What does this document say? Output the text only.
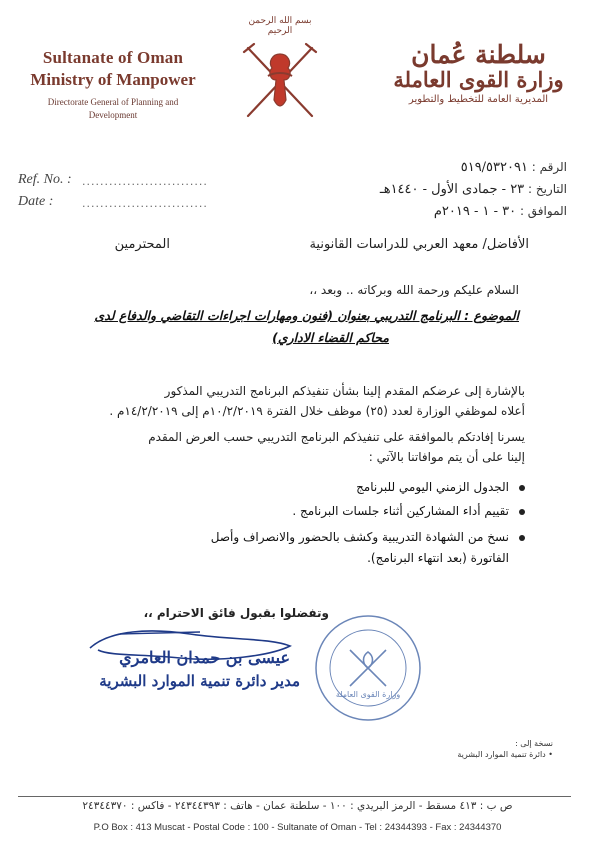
Sultanate of Oman
Ministry of Manpower
Directorate General of Planning and
Development
بسم الله الرحمن الرحيم
سلطنة عُمان
وزارة القوى العاملة
المديرية العامة للتخطيط والتطوير
Ref. No. : ............................
Date :	............................
الرقم : ٥١٩/٥٣٢٠٩١
التاريخ : ٢٣ - جمادى الأول - ١٤٤٠هـ
الموافق : ٣٠ - ١ - ٢٠١٩م
الأفاضل/ معهد العربي للدراسات القانونية
المحترمين
السلام عليكم ورحمة الله وبركاته .. وبعد ،،
الموضوع : البرنامج التدريبي بعنوان (فنون ومهارات اجراءات التقاضي والدفاع لدى
محاكم القضاء الاداري)
بالإشارة إلى عرضكم المقدم إلينا بشأن تنفيذكم البرنامج التدريبي المذكور
أعلاه لموظفي الوزارة لعدد (٢٥) موظف خلال الفترة ١٠/٢/٢٠١٩م إلى ١٤/٢/٢٠١٩م .
يسرنا إفادتكم بالموافقة على تنفيذكم البرنامج التدريبي حسب العرض المقدم
إلينا على أن يتم موافاتنا بالآتي :
الجدول الزمني اليومي للبرنامج
تقييم أداء المشاركين أثناء جلسات البرنامج .
نسخ من الشهادة التدريبية وكشف بالحضور والانصراف وأصل
الفاتورة (بعد انتهاء البرنامج).
وتفضلوا بقبول فائق الاحترام ،،
عيسى بن حمدان العامري
مدير دائرة تنمية الموارد البشرية
وزارة القوى العاملة
نسخة إلى :
• دائرة تنمية الموارد البشرية
ص ب : ٤١٣ مسقط - الرمز البريدي : ١٠٠ - سلطنة عمان - هاتف : ٢٤٣٤٤٣٩٣ - فاكس : ٢٤٣٤٤٣٧٠
P.O Box : 413 Muscat - Postal Code : 100 - Sultanate of Oman - Tel : 24344393 - Fax : 24344370
